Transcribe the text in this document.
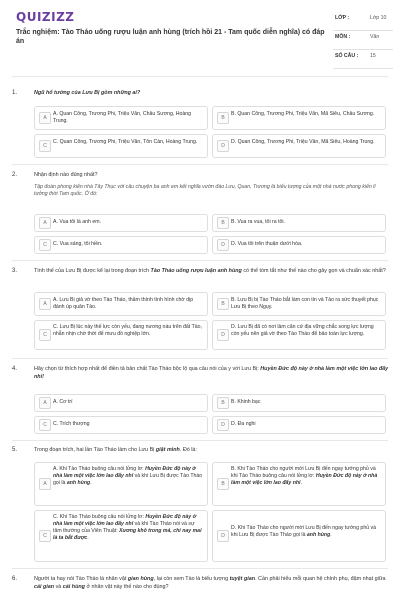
QUIZIZZ
Trắc nghiệm: Tào Tháo uống rượu luận anh hùng (trích hồi 21 - Tam quốc diễn nghĩa) có đáp án
LỚP :	Lớp 10
MÔN :	Văn
SỐ CÂU : 15
1.	Ngũ hổ tướng của Lưu Bị gồm những ai?
A
A. Quan Công, Trương Phi, Triệu Vân, Châu Sương, Hoàng Trung.	B
B. Quan Công, Trương Phi, Triệu Vân, Mã Siêu, Châu Sương.
C
C. Quan Công, Trương Phi, Triệu Vân, Tôn Càn, Hoàng Trung.
D
D. Quan Công, Trương Phi, Triệu Vân, Mã Siêu, Hoàng Trung.
2.	Nhận định nào đúng nhất?
Tập đoàn phong kiến nhà Tây Thục với câu chuyện ba anh em kết nghĩa vườn đào Lưu, Quan, Trương là biểu tượng của một nhà nước phong kiến lí tưởng thời Tam quốc. Ở đó:
A	A. Vua tôi là anh em.	B	B. Vua ra vua, tôi ra tôi.
C	C. Vua sáng, tôi hiền.	D	D. Vua tôi trên thuận dưới hòa.
3.	Tính thế của Lưu Bị được kể lại trong đoạn trích Tào Tháo uống rượu luận anh hùng có thể tóm tắt như thế nào cho gây gọn và chuẩn xác nhất?
A
A. Lưu Bị giả vờ theo Tào Tháo, thâm thính tình hình chờ dịp đánh úp quân Tào.	B
B. Lưu Bị bị Tào Tháo bắt làm con tin và Tào ra sức thuyết phục Lưu Bị theo Ngụy.
C
C. Lưu Bị lúc này thế lực còn yếu, đang nương náu trên đất Tào, nhẫn nhịn chờ thời để mưu đồ nghiệp lớn.	D
D. Lưu Bị đã có nơi làm căn cứ địa vững chắc song lực lượng còn yếu nên giả vờ theo Tào Tháo để bảo toàn lực lượng.
4.	Hãy chọn từ thích hợp nhất để điền tả bản chất Tào Tháo bộc lộ qua câu nói của y với Lưu Bị: Huyền Đức độ này ở nhà làm một việc lớn lao đấy nhỉ!
A	A. Cơ trí	B	B. Khinh bạc
C	C. Trích thượng	D	D. Đa nghi
5.	Trong đoạn trích, hai lần Tào Tháo làm cho Lưu Bị giật mình. Đó là:
A
A. Khi Tào Tháo buông câu nói lửng lơ: Huyền Đức độ này ở nhà làm một việc lớn lao đấy nhỉ và khi Lưu Bị được Tào Tháo gọi là anh hùng.	B
B. Khi Tào Tháo cho người mời Lưu Bị đến ngay tướng phủ và khi Tào Tháo buông câu nói lửng lơ: Huyền Đức độ này ở nhà làm một việc lớn lao đấy nhỉ.
C
C. Khi Tào Tháo buông câu nói lửng lơ: Huyền Đức độ này ở nhà làm một việc lớn lao đấy nhỉ và khi Tào Tháo nói và sự tâm thường của Viên Thuật: Xương khô trong mả, chỉ nay mai là ta bắt được.	D
D. Khi Tào Tháo cho người mời Lưu Bị đến ngay tướng phủ và khi Lưu Bị được Tào Tháo gọi là anh hùng.
6.	Người ta hay nói Tào Tháo là nhân vật gian hùng, lại còn xem Tào là biểu tượng tuyệt gian. Cần phải hiểu mỗi quan hệ chính phụ, đậm nhạt giữa cái gian và cái hùng ở nhân vật này thế nào cho đúng?
